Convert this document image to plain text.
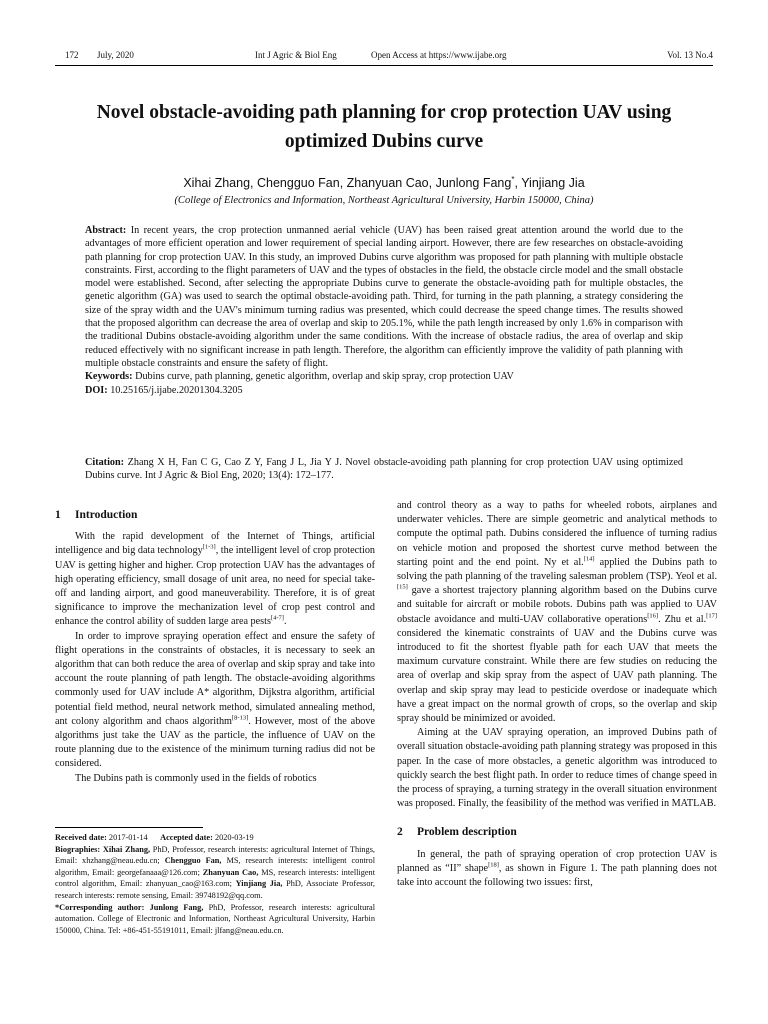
172 July, 2020	Int J Agric & Biol Eng	Open Access at https://www.ijabe.org	Vol. 13 No.4
Novel obstacle-avoiding path planning for crop protection UAV using
optimized Dubins curve
Xihai Zhang, Chengguo Fan, Zhanyuan Cao, Junlong Fang*, Yinjiang Jia
(College of Electronics and Information, Northeast Agricultural University, Harbin 150000, China)

Abstract: In recent years, the crop protection unmanned aerial vehicle (UAV) has been raised great attention around the world due to the advantages of more efficient operation and lower requirement of special landing airport. However, there are few researches on obstacle-avoiding path planning for crop protection UAV. In this study, an improved Dubins curve algorithm was proposed for path planning with multiple obstacle constraints. First, according to the flight parameters of UAV and the types of obstacles in the field, the obstacle circle model and the small obstacle model were established. Second, after selecting the appropriate Dubins curve to generate the obstacle-avoiding path for multiple obstacles, the genetic algorithm (GA) was used to search the optimal obstacle-avoiding path. Third, for turning in the path planning, a strategy considering the size of the spray width and the UAV's minimum turning radius was presented, which could decrease the speed change times. The results showed that the proposed algorithm can decrease the area of overlap and skip to 205.1%, while the path length increased by only 1.6% in comparison with the traditional Dubins obstacle-avoiding algorithm under the same conditions. With the increase of obstacle radius, the area of overlap and skip reduced effectively with no significant increase in path length. Therefore, the algorithm can efficiently improve the validity of path planning with multiple obstacle constraints and ensure the safety of flight.

Keywords: Dubins curve, path planning, genetic algorithm, overlap and skip spray, crop protection UAV

DOI: 10.25165/j.ijabe.20201304.3205

Citation: Zhang X H, Fan C G, Cao Z Y, Fang J L, Jia Y J. Novel obstacle-avoiding path planning for crop protection UAV using optimized Dubins curve. Int J Agric & Biol Eng, 2020; 13(4): 172–177.

1 Introduction

With the rapid development of the Internet of Things, artificial intelligence and big data technology[1-3], the intelligent level of crop protection UAV is getting higher and higher. Crop protection UAV has the advantages of high operating efficiency, small dosage of unit area, no need for special take-off and landing airport, and good maneuverability. Therefore, it is of great significance to improve the mechanization level of crop pest control and enhance the control ability of sudden large area pests[4-7].

In order to improve spraying operation effect and ensure the safety of flight operations in the constraints of obstacles, it is necessary to seek an algorithm that can both reduce the area of overlap and skip spray and take into account the route planning of path length. The obstacle-avoiding algorithms commonly used for UAV include A* algorithm, Dijkstra algorithm, artificial potential field method, neural network method, simulated annealing method, ant colony algorithm and chaos algorithm[8-13]. However, most of the above algorithms just take the UAV as the particle, the influence of UAV on the route planning due to the existence of the minimum turning radius did not be considered.

The Dubins path is commonly used in the fields of robotics

Received date: 2017-01-14 Accepted date: 2020-03-19

Biographies: Xihai Zhang, PhD, Professor, research interests: agricultural Internet of Things, Email: xhzhang@neau.edu.cn; Chengguo Fan, MS, research interests: intelligent control algorithm, Email: georgefanaaa@126.com; Zhanyuan Cao, MS, research interests: intelligent control algorithm, Email: zhanyuan_cao@163.com; Yinjiang Jia, PhD, Associate Professor, research interests: remote sensing, Email: 39748192@qq.com.

*Corresponding author: Junlong Fang, PhD, Professor, research interests: agricultural automation. College of Electronic and Information, Northeast Agricultural University, Harbin 150000, China. Tel: +86-451-55191011, Email: jlfang@neau.edu.cn.

and control theory as a way to paths for wheeled robots, airplanes and underwater vehicles. There are simple geometric and analytical methods to compute the optimal path. Dubins considered the influence of turning radius on vehicle motion and proposed the shortest curve method between the starting point and the end point. Ny et al.[14] applied the Dubins path to solving the path planning of the traveling salesman problem (TSP). Yeol et al.[15] gave a shortest trajectory planning algorithm based on the Dubins curve and suitable for aircraft or mobile robots. Dubins path was applied to UAV obstacle avoidance and multi-UAV collaborative operations[16]. Zhu et al.[17] considered the kinematic constraints of UAV and the Dubins curve was introduced to fit the shortest flyable path for each UAV that meets the maximum curvature constraint. While there are few studies on reducing the area of overlap and skip spray from the aspect of UAV path planning. The overlap and skip spray may lead to pesticide overdose or inadequate which have a great impact on the normal growth of crops, so the overlap and skip spray should be minimized or avoided.

Aiming at the UAV spraying operation, an improved Dubins path of overall situation obstacle-avoiding path planning strategy was proposed in this paper. In the case of more obstacles, a genetic algorithm was introduced to quickly search the best flight path. In order to reduce times of change speed in the process of spraying, a turning strategy in the overall situation environment was proposed. Finally, the feasibility of the method was verified in MATLAB.

2 Problem description

In general, the path of spraying operation of crop protection UAV is planned as “ΙΙ” shape[18], as shown in Figure 1. The path planning does not take into account the following two issues: first,
